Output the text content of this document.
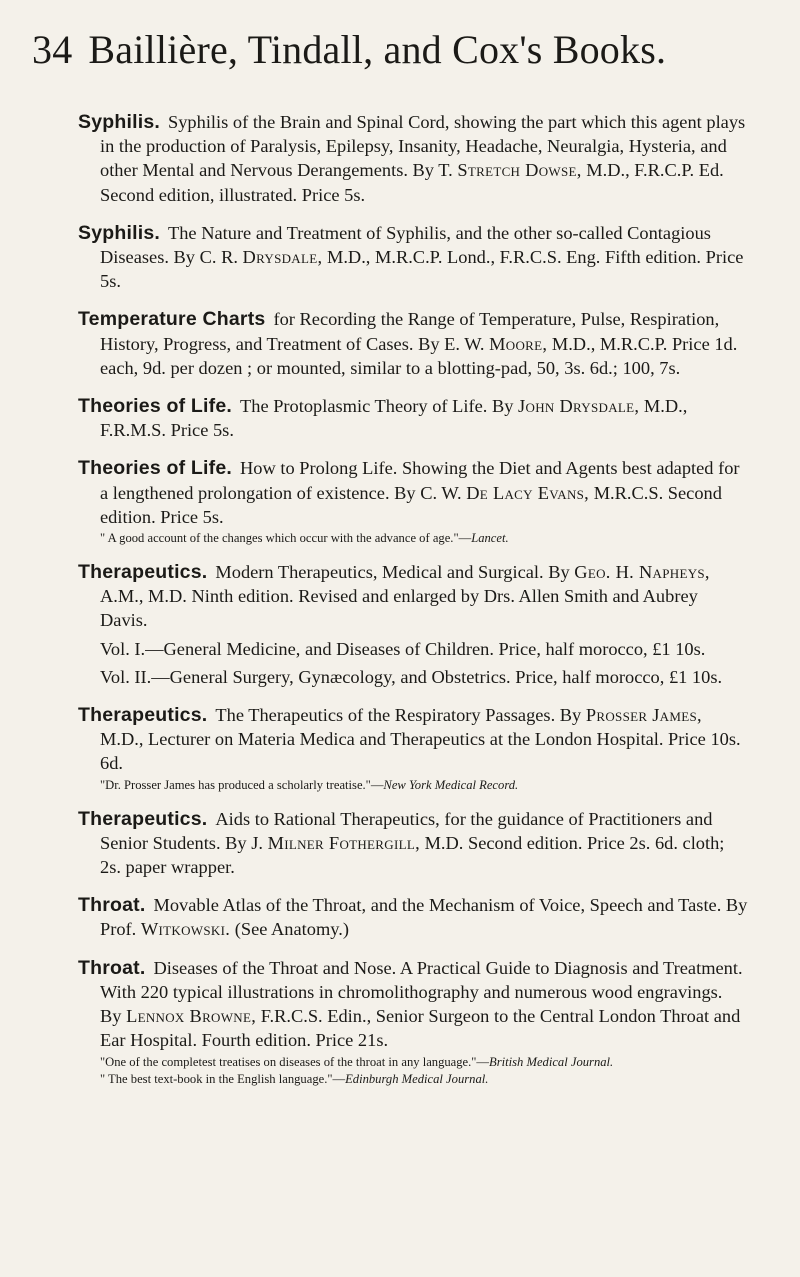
34 Baillière, Tindall, and Cox's Books.
Syphilis. Syphilis of the Brain and Spinal Cord, showing the part which this agent plays in the production of Paralysis, Epilepsy, Insanity, Headache, Neuralgia, Hysteria, and other Mental and Nervous Derangements. By T. Stretch Dowse, M.D., F.R.C.P. Ed. Second edition, illustrated. Price 5s.
Syphilis. The Nature and Treatment of Syphilis, and the other so-called Contagious Diseases. By C. R. Drysdale, M.D., M.R.C.P. Lond., F.R.C.S. Eng. Fifth edition. Price 5s.
Temperature Charts for Recording the Range of Temperature, Pulse, Respiration, History, Progress, and Treatment of Cases. By E. W. Moore, M.D., M.R.C.P. Price 1d. each, 9d. per dozen ; or mounted, similar to a blotting-pad, 50, 3s. 6d.; 100, 7s.
Theories of Life. The Protoplasmic Theory of Life. By John Drysdale, M.D., F.R.M.S. Price 5s.
Theories of Life. How to Prolong Life. Showing the Diet and Agents best adapted for a lengthened prolongation of existence. By C. W. De Lacy Evans, M.R.C.S. Second edition. Price 5s.
" A good account of the changes which occur with the advance of age."—Lancet.
Therapeutics. Modern Therapeutics, Medical and Surgical. By Geo. H. Napheys, A.M., M.D. Ninth edition. Revised and enlarged by Drs. Allen Smith and Aubrey Davis.
Vol. I.—General Medicine, and Diseases of Children. Price, half morocco, £1 10s.
Vol. II.—General Surgery, Gynæcology, and Obstetrics. Price, half morocco, £1 10s.
Therapeutics. The Therapeutics of the Respiratory Passages. By Prosser James, M.D., Lecturer on Materia Medica and Therapeutics at the London Hospital. Price 10s. 6d.
"Dr. Prosser James has produced a scholarly treatise."—New York Medical Record.
Therapeutics. Aids to Rational Therapeutics, for the guidance of Practitioners and Senior Students. By J. Milner Fothergill, M.D. Second edition. Price 2s. 6d. cloth; 2s. paper wrapper.
Throat. Movable Atlas of the Throat, and the Mechanism of Voice, Speech and Taste. By Prof. Witkowski. (See Anatomy.)
Throat. Diseases of the Throat and Nose. A Practical Guide to Diagnosis and Treatment. With 220 typical illustrations in chromolithography and numerous wood engravings. By Lennox Browne, F.R.C.S. Edin., Senior Surgeon to the Central London Throat and Ear Hospital. Fourth edition. Price 21s.
"One of the completest treatises on diseases of the throat in any language."—British Medical Journal.
" The best text-book in the English language."—Edinburgh Medical Journal.
